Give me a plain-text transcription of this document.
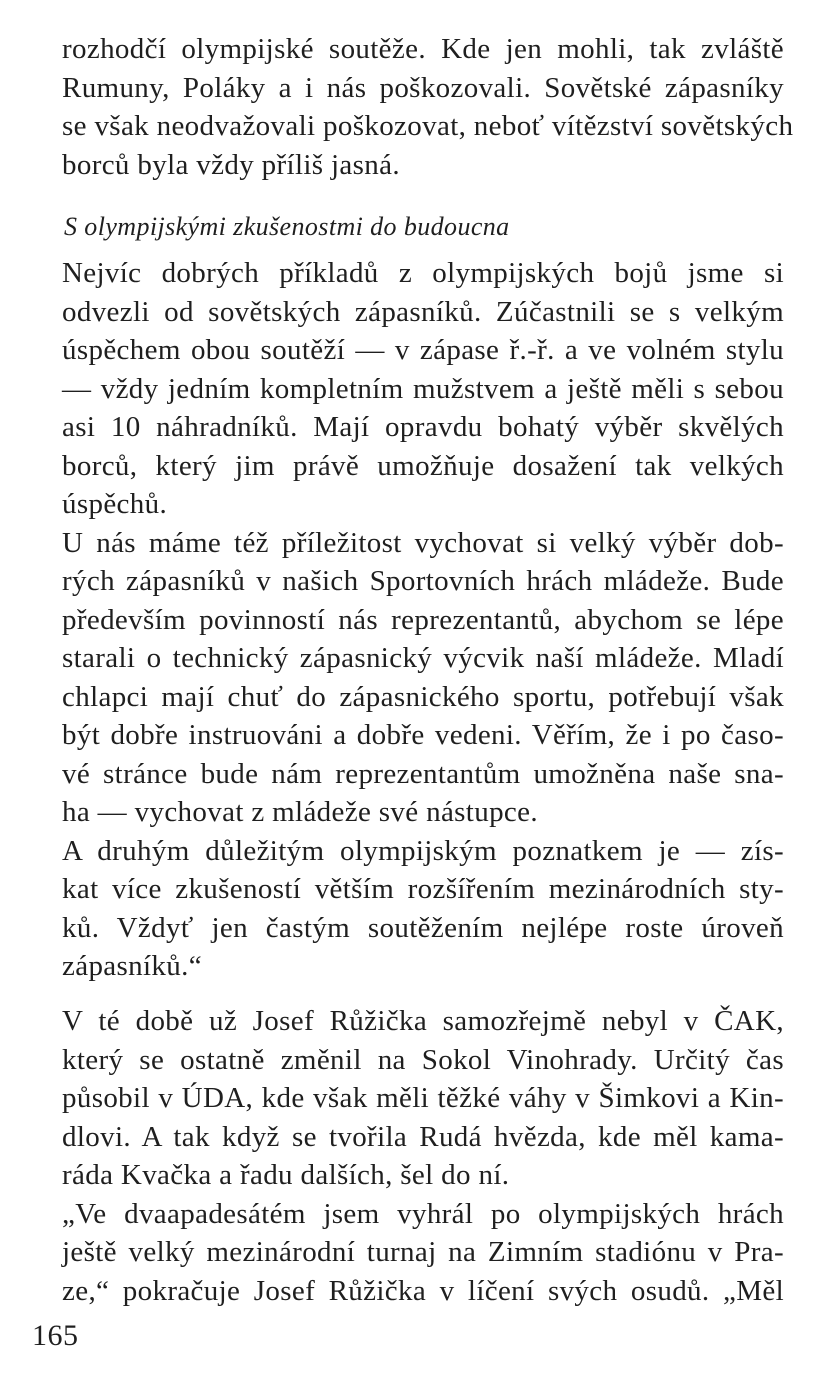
rozhodčí olympijské soutěže. Kde jen mohli, tak zvláště
Rumuny, Poláky a i nás poškozovali. Sovětské zápasníky
se však neodvažovali poškozovat, neboť vítězství sovětských
borců byla vždy příliš jasná.
S olympijskými zkušenostmi do budoucna
Nejvíc dobrých příkladů z olympijských bojů jsme si
odvezli od sovětských zápasníků. Zúčastnili se s velkým
úspěchem obou soutěží — v zápase ř.-ř. a ve volném stylu
— vždy jedním kompletním mužstvem a ještě měli s sebou
asi 10 náhradníků. Mají opravdu bohatý výběr skvělých
borců, který jim právě umožňuje dosažení tak velkých
úspěchů.
U nás máme též příležitost vychovat si velký výběr dob-
rých zápasníků v našich Sportovních hrách mládeže. Bude
především povinností nás reprezentantů, abychom se lépe
starali o technický zápasnický výcvik naší mládeže. Mladí
chlapci mají chuť do zápasnického sportu, potřebují však
být dobře instruováni a dobře vedeni. Věřím, že i po časo-
vé stránce bude nám reprezentantům umožněna naše sna-
ha — vychovat z mládeže své nástupce.
A druhým důležitým olympijským poznatkem je — zís-
kat více zkušeností větším rozšířením mezinárodních sty-
ků. Vždyť jen častým soutěžením nejlépe roste úroveň
zápasníků.“
V té době už Josef Růžička samozřejmě nebyl v ČAK,
který se ostatně změnil na Sokol Vinohrady. Určitý čas
působil v ÚDA, kde však měli těžké váhy v Šimkovi a Kin-
dlovi. A tak když se tvořila Rudá hvězda, kde měl kama-
ráda Kvačka a řadu dalších, šel do ní.
„Ve dvaapadesátém jsem vyhrál po olympijských hrách
ještě velký mezinárodní turnaj na Zimním stadiónu v Pra-
ze,“ pokračuje Josef Růžička v líčení svých osudů. „Měl
165
